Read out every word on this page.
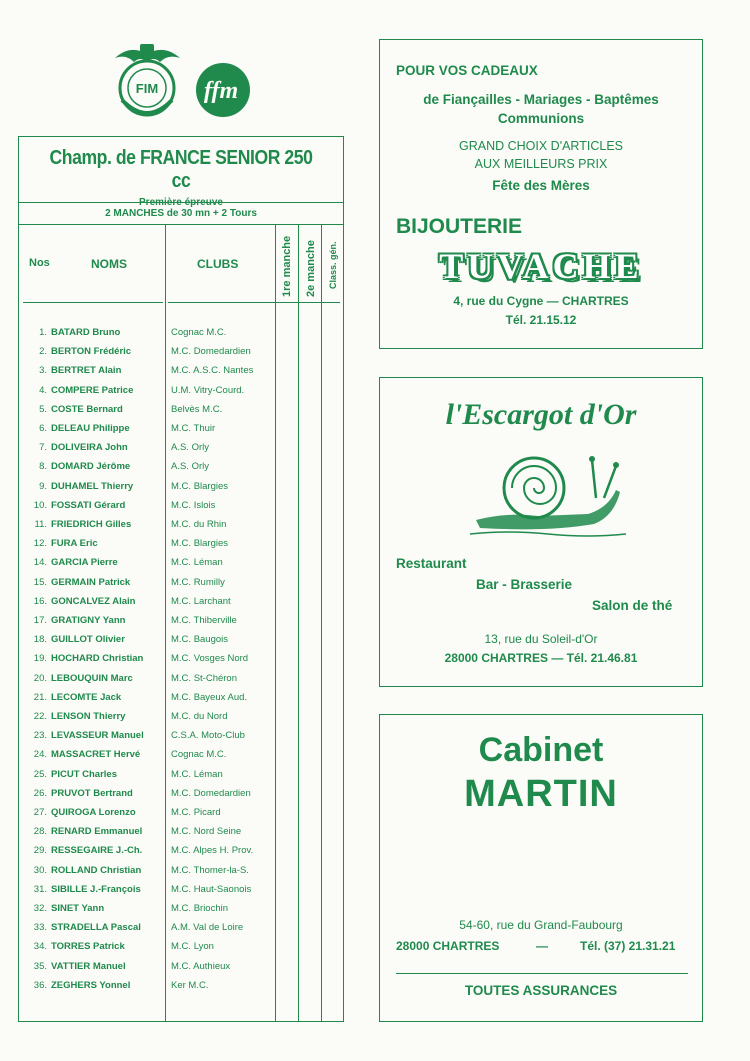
FIM ffm
Champ. de FRANCE SENIOR 250 cc
Première épreuve
2 MANCHES de 30 mn + 2 Tours
Nos	NOMS	CLUBS	1re manche 2e manche Class. gén.
1. BATARD Bruno	Cognac M.C.
2. BERTON Frédéric	M.C. Domedardien
3. BERTRET Alain	M.C. A.S.C. Nantes
4. COMPERE Patrice	U.M. Vitry-Courd.
5. COSTE Bernard	Belvès M.C.
6. DELEAU Philippe	M.C. Thuir
7. DOLIVEIRA John	A.S. Orly
8. DOMARD Jérôme	A.S. Orly
9. DUHAMEL Thierry	M.C. Blargies
10. FOSSATI Gérard	M.C. Islois
11. FRIEDRICH Gilles	M.C. du Rhin
12. FURA Eric	M.C. Blargies
14. GARCIA Pierre	M.C. Léman
15. GERMAIN Patrick	M.C. Rumilly
16. GONCALVEZ Alain	M.C. Larchant
17. GRATIGNY Yann	M.C. Thiberville
18. GUILLOT Olivier	M.C. Baugois
19. HOCHARD Christian	M.C. Vosges Nord
20. LEBOUQUIN Marc	M.C. St-Chéron
21. LECOMTE Jack	M.C. Bayeux Aud.
22. LENSON Thierry	M.C. du Nord
23. LEVASSEUR Manuel	C.S.A. Moto-Club
24. MASSACRET Hervé	Cognac M.C.
25. PICUT Charles	M.C. Léman
26. PRUVOT Bertrand	M.C. Domedardien
27. QUIROGA Lorenzo	M.C. Picard
28. RENARD Emmanuel	M.C. Nord Seine
29. RESSEGAIRE J.-Ch.	M.C. Alpes H. Prov.
30. ROLLAND Christian	M.C. Thomer-la-S.
31. SIBILLE J.-François	M.C. Haut-Saonois
32. SINET Yann	M.C. Briochin
33. STRADELLA Pascal	A.M. Val de Loire
34. TORRES Patrick	M.C. Lyon
35. VATTIER Manuel	M.C. Authieux
36. ZEGHERS Yonnel	Ker M.C.
POUR VOS CADEAUX
de Fiançailles - Mariages - Baptêmes
Communions
GRAND CHOIX D'ARTICLES
AUX MEILLEURS PRIX
Fête des Mères
BIJOUTERIE
TUVACHE
4, rue du Cygne — CHARTRES
Tél. 21.15.12
l'Escargot d'Or
Restaurant
Bar - Brasserie
Salon de thé
13, rue du Soleil-d'Or
28000 CHARTRES — Tél. 21.46.81
Cabinet
MARTIN
54-60, rue du Grand-Faubourg
28000 CHARTRES	—	Tél. (37) 21.31.21
TOUTES ASSURANCES
